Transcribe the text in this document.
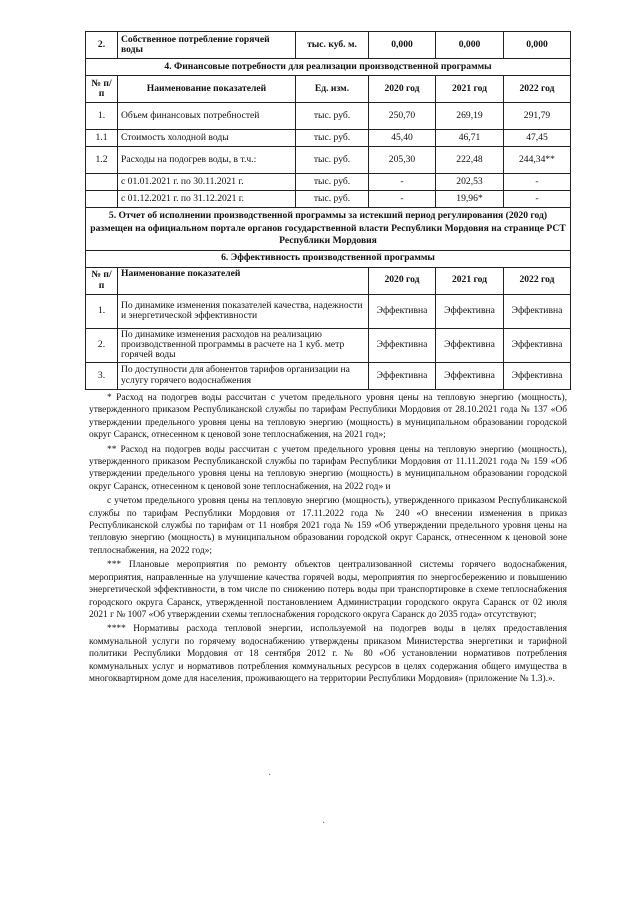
2.	Собственное потребление горячей воды	тыс. куб. м.	0,000	0,000	0,000
4. Финансовые потребности для реализации производственной программы					
№ п/п	Наименование показателей	Ед. изм.	2020 год	2021 год	2022 год
1.	Объем финансовых потребностей	тыс. руб.	250,70	269,19	291,79
1.1	Стоимость холодной воды	тыс. руб.	45,40	46,71	47,45
1.2	Расходы на подогрев воды, в т.ч.:	тыс. руб.	205,30	222,48	244,34**
	с 01.01.2021 г. по 30.11.2021 г.	тыс. руб.	-	202,53	-
	с 01.12.2021 г. по 31.12.2021 г.	тыс. руб.	-	19,96*	-
5. Отчет об исполнении производственной программы за истекший период регулирования (2020 год) размещен на официальном портале органов государственной власти Республики Мордовия на странице РСТ Республики Мордовия					
6. Эффективность производственной программы					
№ п/п	Наименование показателей		2020 год	2021 год	2022 год
1.	По динамике изменения показателей качества, надежности и энергетической эффективности		Эффективна	Эффективна	Эффективна
2.	По динамике изменения расходов на реализацию производственной программы в расчете на 1 куб. метр горячей воды		Эффективна	Эффективна	Эффективна
3.	По доступности для абонентов тарифов организации на услугу горячего водоснабжения		Эффективна	Эффективна	Эффективна

* Расход на подогрев воды рассчитан с учетом предельного уровня цены на тепловую энергию (мощность), утвержденного приказом Республиканской службы по тарифам Республики Мордовия от 28.10.2021 года № 137 «Об утверждении предельного уровня цены на тепловую энергию (мощность) в муниципальном образовании городской округ Саранск, отнесенном к ценовой зоне теплоснабжения, на 2021 год»;

** Расход на подогрев воды рассчитан с учетом предельного уровня цены на тепловую энергию (мощность), утвержденного приказом Республиканской службы по тарифам Республики Мордовия от 11.11.2021 года № 159 «Об утверждении предельного уровня цены на тепловую энергию (мощность) в муниципальном образовании городской округ Саранск, отнесенном к ценовой зоне теплоснабжения, на 2022 год» и

с учетом предельного уровня цены на тепловую энергию (мощность), утвержденного приказом Республиканской службы по тарифам Республики Мордовия от 17.11.2022 года № 240 «О внесении изменения в приказ Республиканской службы по тарифам от 11 ноября 2021 года № 159 «Об утверждении предельного уровня цены на тепловую энергию (мощность) в муниципальном образовании городской округ Саранск, отнесенном к ценовой зоне теплоснабжения, на 2022 год»;

*** Плановые мероприятия по ремонту объектов централизованной системы горячего водоснабжения, мероприятия, направленные на улучшение качества горячей воды, мероприятия по энергосбережению и повышению энергетической эффективности, в том числе по снижению потерь воды при транспортировке в схеме теплоснабжения городского округа Саранск, утвержденной постановлением Администрации городского округа Саранск от 02 июля 2021 г № 1007 «Об утверждении схемы теплоснабжения городского округа Саранск до 2035 года» отсутствуют;

**** Нормативы расхода тепловой энергии, используемой на подогрев воды в целях предоставления коммунальной услуги по горячему водоснабжению утверждены приказом Министерства энергетики и тарифной политики Республики Мордовия от 18 сентября 2012 г. № 80 «Об установлении нормативов потребления коммунальных услуг и нормативов потребления коммунальных ресурсов в целях содержания общего имущества в многоквартирном доме для населения, проживающего на территории Республики Мордовия» (приложение № 1.3).».

·
·
